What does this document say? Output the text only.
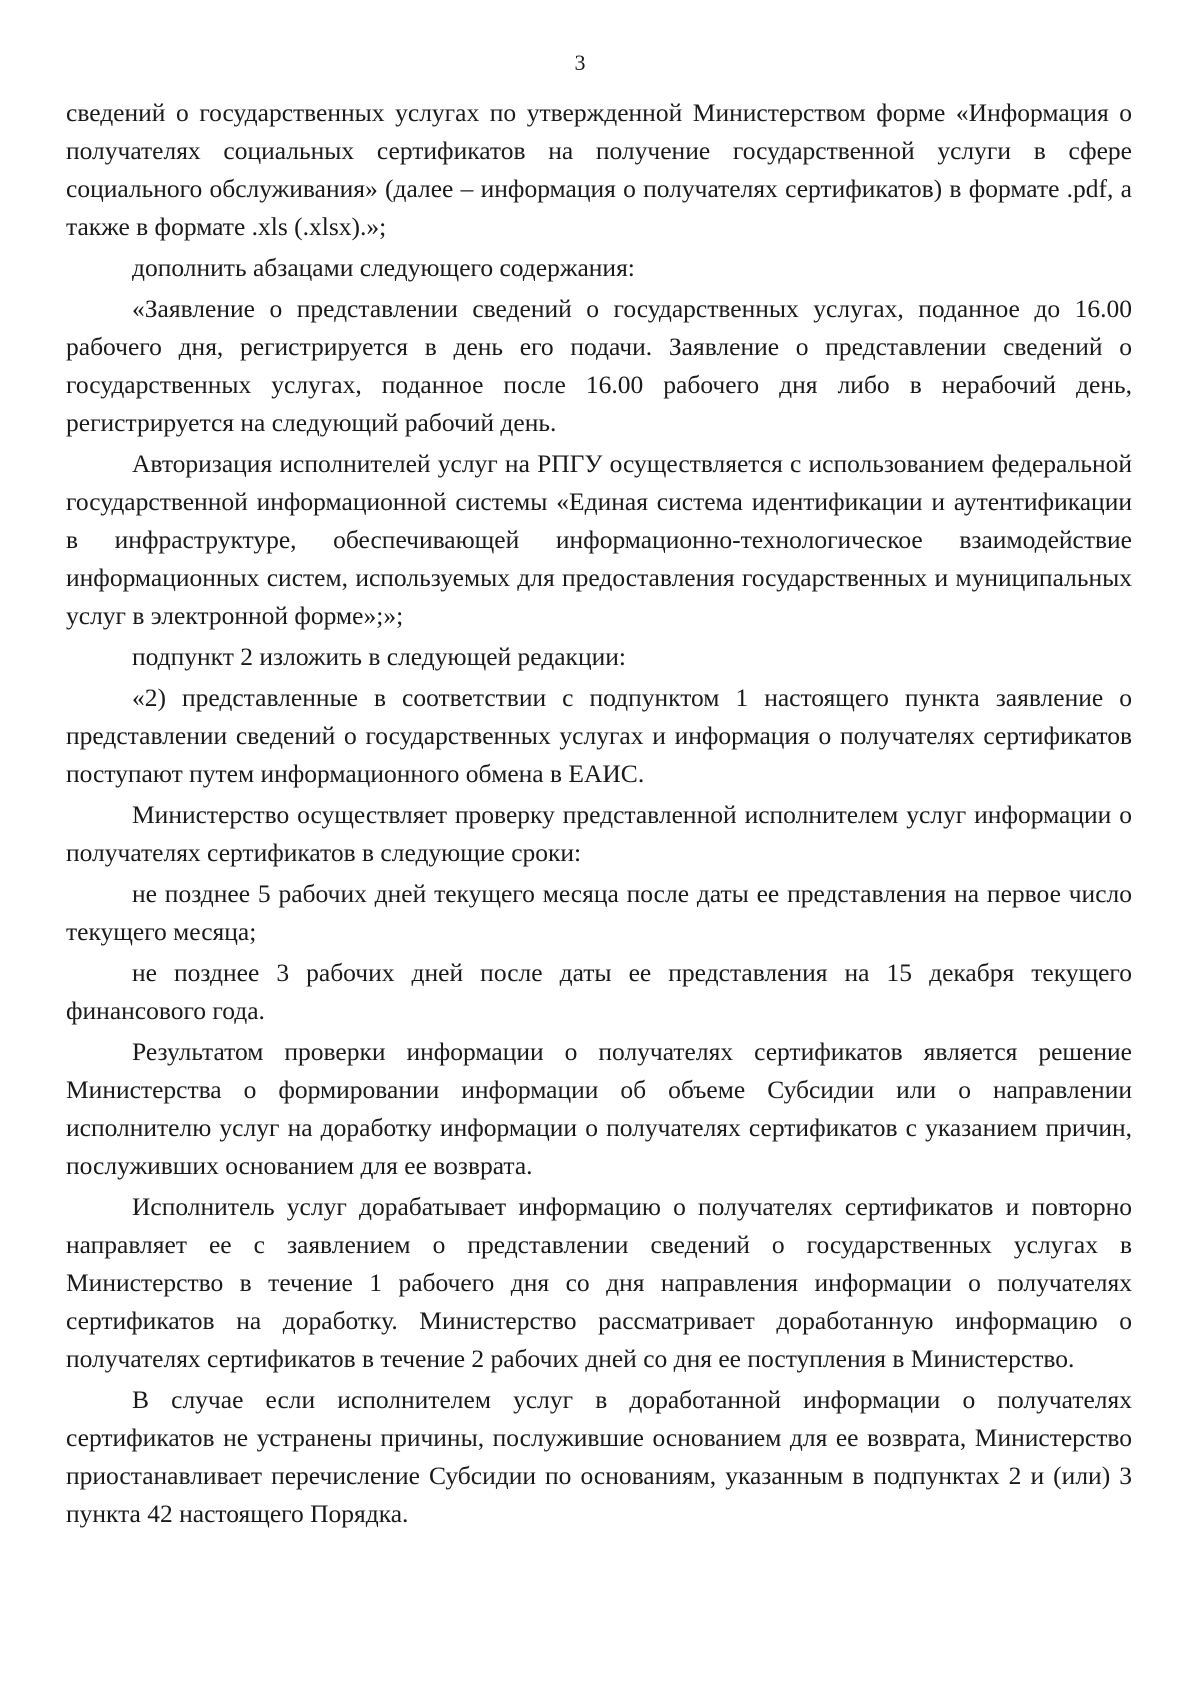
3

сведений о государственных услугах по утвержденной Министерством форме «Информация о получателях социальных сертификатов на получение государственной услуги в сфере социального обслуживания» (далее – информация о получателях сертификатов) в формате .pdf, а также в формате .xls (.xlsx).»;

дополнить абзацами следующего содержания:

«Заявление о представлении сведений о государственных услугах, поданное до 16.00 рабочего дня, регистрируется в день его подачи. Заявление о представлении сведений о государственных услугах, поданное после 16.00 рабочего дня либо в нерабочий день, регистрируется на следующий рабочий день.

Авторизация исполнителей услуг на РПГУ осуществляется с использованием федеральной государственной информационной системы «Единая система идентификации и аутентификации в инфраструктуре, обеспечивающей информационно-технологическое взаимодействие информационных систем, используемых для предоставления государственных и муниципальных услуг в электронной форме»;»;

подпункт 2 изложить в следующей редакции:

«2) представленные в соответствии с подпунктом 1 настоящего пункта заявление о представлении сведений о государственных услугах и информация о получателях сертификатов поступают путем информационного обмена в ЕАИС.

Министерство осуществляет проверку представленной исполнителем услуг информации о получателях сертификатов в следующие сроки:

не позднее 5 рабочих дней текущего месяца после даты ее представления на первое число текущего месяца;

не позднее 3 рабочих дней после даты ее представления на 15 декабря текущего финансового года.

Результатом проверки информации о получателях сертификатов является решение Министерства о формировании информации об объеме Субсидии или о направлении исполнителю услуг на доработку информации о получателях сертификатов с указанием причин, послуживших основанием для ее возврата.

Исполнитель услуг дорабатывает информацию о получателях сертификатов и повторно направляет ее с заявлением о представлении сведений о государственных услугах в Министерство в течение 1 рабочего дня со дня направления информации о получателях сертификатов на доработку. Министерство рассматривает доработанную информацию о получателях сертификатов в течение 2 рабочих дней со дня ее поступления в Министерство.

В случае если исполнителем услуг в доработанной информации о получателях сертификатов не устранены причины, послужившие основанием для ее возврата, Министерство приостанавливает перечисление Субсидии по основаниям, указанным в подпунктах 2 и (или) 3 пункта 42 настоящего Порядка.
